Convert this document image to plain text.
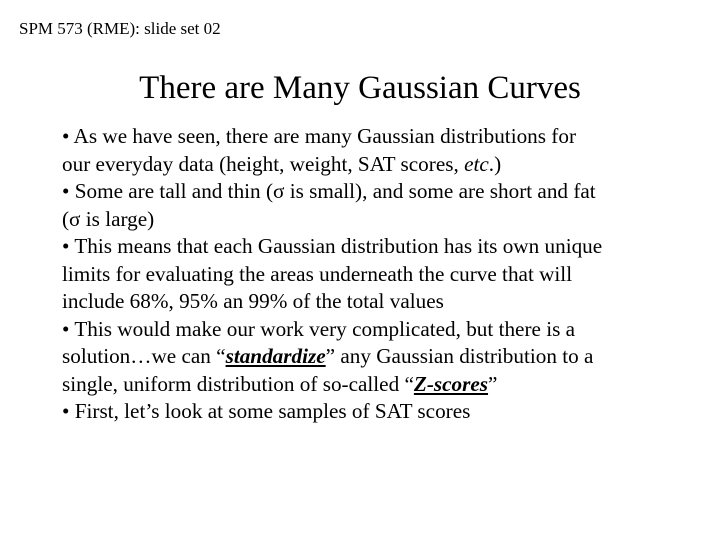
SPM 573 (RME): slide set 02
There are Many Gaussian Curves
• As we have seen, there are many Gaussian distributions for
our everyday data (height, weight, SAT scores, etc.)
• Some are tall and thin (σ is small), and some are short and fat
(σ is large)
• This means that each Gaussian distribution has its own unique
limits for evaluating the areas underneath the curve that will
include 68%, 95% an 99% of the total values
• This would make our work very complicated, but there is a
solution…we can “standardize” any Gaussian distribution to a
single, uniform distribution of so-called “Z-scores”
• First, let’s look at some samples of SAT scores
